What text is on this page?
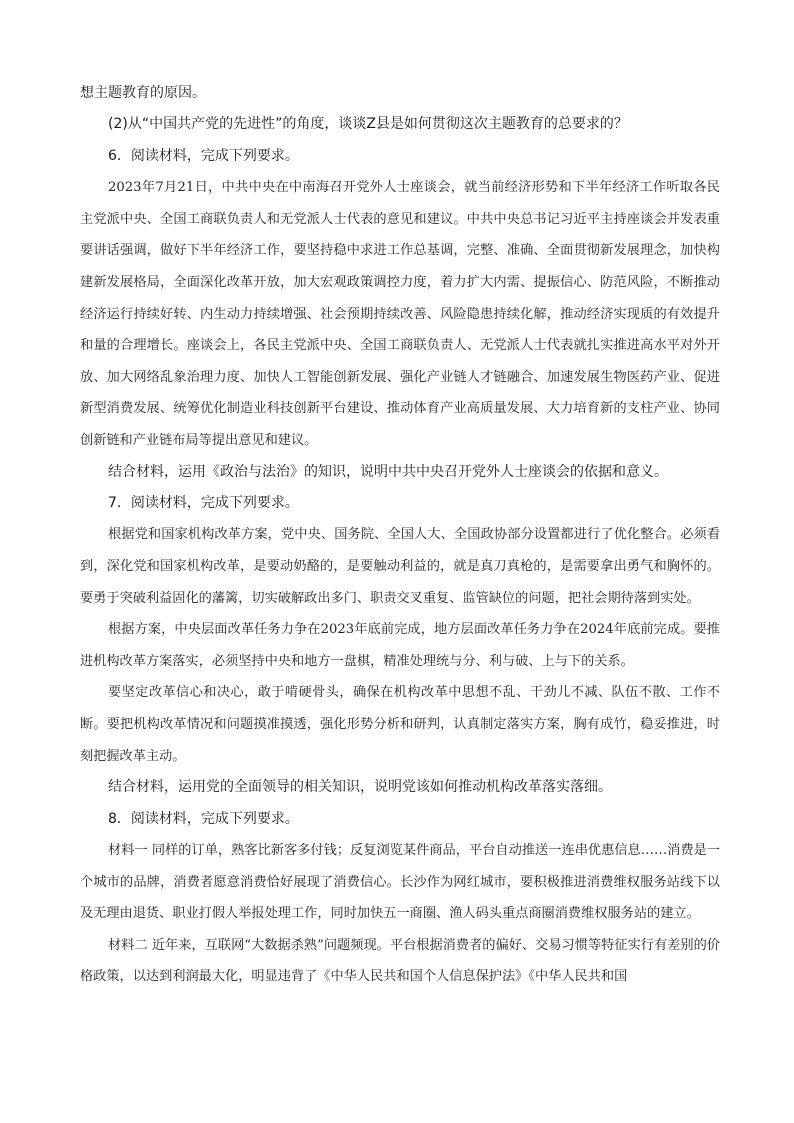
想主题教育的原因。

(2)从“中国共产党的先进性”的角度，谈谈Z县是如何贯彻这次主题教育的总要求的？

6．阅读材料，完成下列要求。

2023年7月21日，中共中央在中南海召开党外人士座谈会，就当前经济形势和下半年经济工作听取各民主党派中央、全国工商联负责人和无党派人士代表的意见和建议。中共中央总书记习近平主持座谈会并发表重要讲话强调，做好下半年经济工作，要坚持稳中求进工作总基调，完整、准确、全面贯彻新发展理念，加快构建新发展格局，全面深化改革开放，加大宏观政策调控力度，着力扩大内需、提振信心、防范风险，不断推动经济运行持续好转、内生动力持续增强、社会预期持续改善、风险隐患持续化解，推动经济实现质的有效提升和量的合理增长。座谈会上，各民主党派中央、全国工商联负责人、无党派人士代表就扎实推进高水平对外开放、加大网络乱象治理力度、加快人工智能创新发展、强化产业链人才链融合、加速发展生物医药产业、促进新型消费发展、统筹优化制造业科技创新平台建设、推动体育产业高质量发展、大力培育新的支柱产业、协同创新链和产业链布局等提出意见和建议。

结合材料，运用《政治与法治》的知识，说明中共中央召开党外人士座谈会的依据和意义。

7．阅读材料，完成下列要求。

根据党和国家机构改革方案，党中央、国务院、全国人大、全国政协部分设置都进行了优化整合。必须看到，深化党和国家机构改革，是要动奶酪的，是要触动利益的，就是真刀真枪的，是需要拿出勇气和胸怀的。要勇于突破利益固化的藩篱，切实破解政出多门、职责交叉重复、监管缺位的问题，把社会期待落到实处。

根据方案，中央层面改革任务力争在2023年底前完成，地方层面改革任务力争在2024年底前完成。要推进机构改革方案落实，必须坚持中央和地方一盘棋，精准处理统与分、利与破、上与下的关系。

要坚定改革信心和决心，敢于啃硬骨头，确保在机构改革中思想不乱、干劲儿不减、队伍不散、工作不断。要把机构改革情况和问题摸准摸透，强化形势分析和研判，认真制定落实方案，胸有成竹，稳妥推进，时刻把握改革主动。

结合材料，运用党的全面领导的相关知识，说明党该如何推动机构改革落实落细。

8．阅读材料，完成下列要求。

材料一 同样的订单，熟客比新客多付钱；反复浏览某件商品，平台自动推送一连串优惠信息……消费是一个城市的品牌，消费者愿意消费恰好展现了消费信心。长沙作为网红城市，要积极推进消费维权服务站线下以及无理由退货、职业打假人举报处理工作，同时加快五一商圈、渔人码头重点商圈消费维权服务站的建立。

材料二 近年来，互联网“大数据杀熟”问题频现。平台根据消费者的偏好、交易习惯等特征实行有差别的价格政策，以达到利润最大化，明显违背了《中华人民共和国个人信息保护法》《中华人民共和国
